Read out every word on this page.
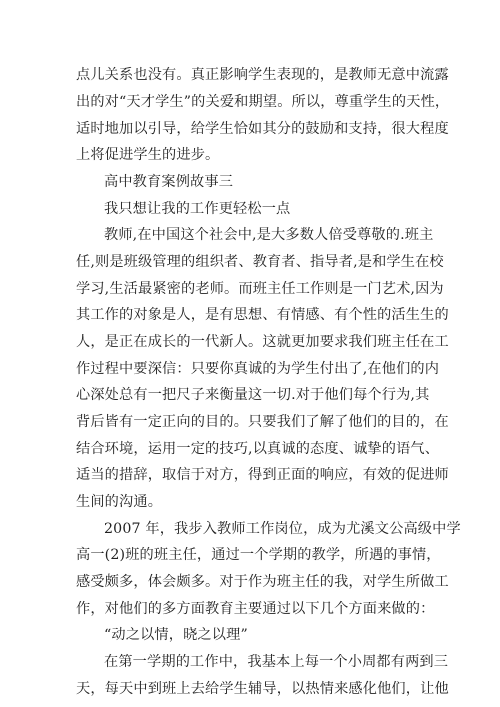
点儿关系也没有。真正影响学生表现的，是教师无意中流露
出的对“天才学生”的关爱和期望。所以，尊重学生的天性，
适时地加以引导，给学生恰如其分的鼓励和支持，很大程度
上将促进学生的进步。
高中教育案例故事三
我只想让我的工作更轻松一点
教师,在中国这个社会中,是大多数人倍受尊敬的.班主
任,则是班级管理的组织者、教育者、指导者,是和学生在校
学习,生活最紧密的老师。而班主任工作则是一门艺术,因为
其工作的对象是人，是有思想、有情感、有个性的活生生的
人，是正在成长的一代新人。这就更加要求我们班主任在工
作过程中要深信：只要你真诚的为学生付出了,在他们的内
心深处总有一把尺子来衡量这一切.对于他们每个行为,其
背后皆有一定正向的目的。只要我们了解了他们的目的，在
结合环境，运用一定的技巧,以真诚的态度、诚挚的语气、
适当的措辞，取信于对方，得到正面的响应，有效的促进师
生间的沟通。
2007 年，我步入教师工作岗位，成为尤溪文公高级中学
高一(2)班的班主任，通过一个学期的教学，所遇的事情，
感受颇多，体会颇多。对于作为班主任的我，对学生所做工
作，对他们的多方面教育主要通过以下几个方面来做的：
“动之以情，晓之以理”
在第一学期的工作中，我基本上每一个小周都有两到三
天，每天中到班上去给学生辅导，以热情来感化他们，让他
